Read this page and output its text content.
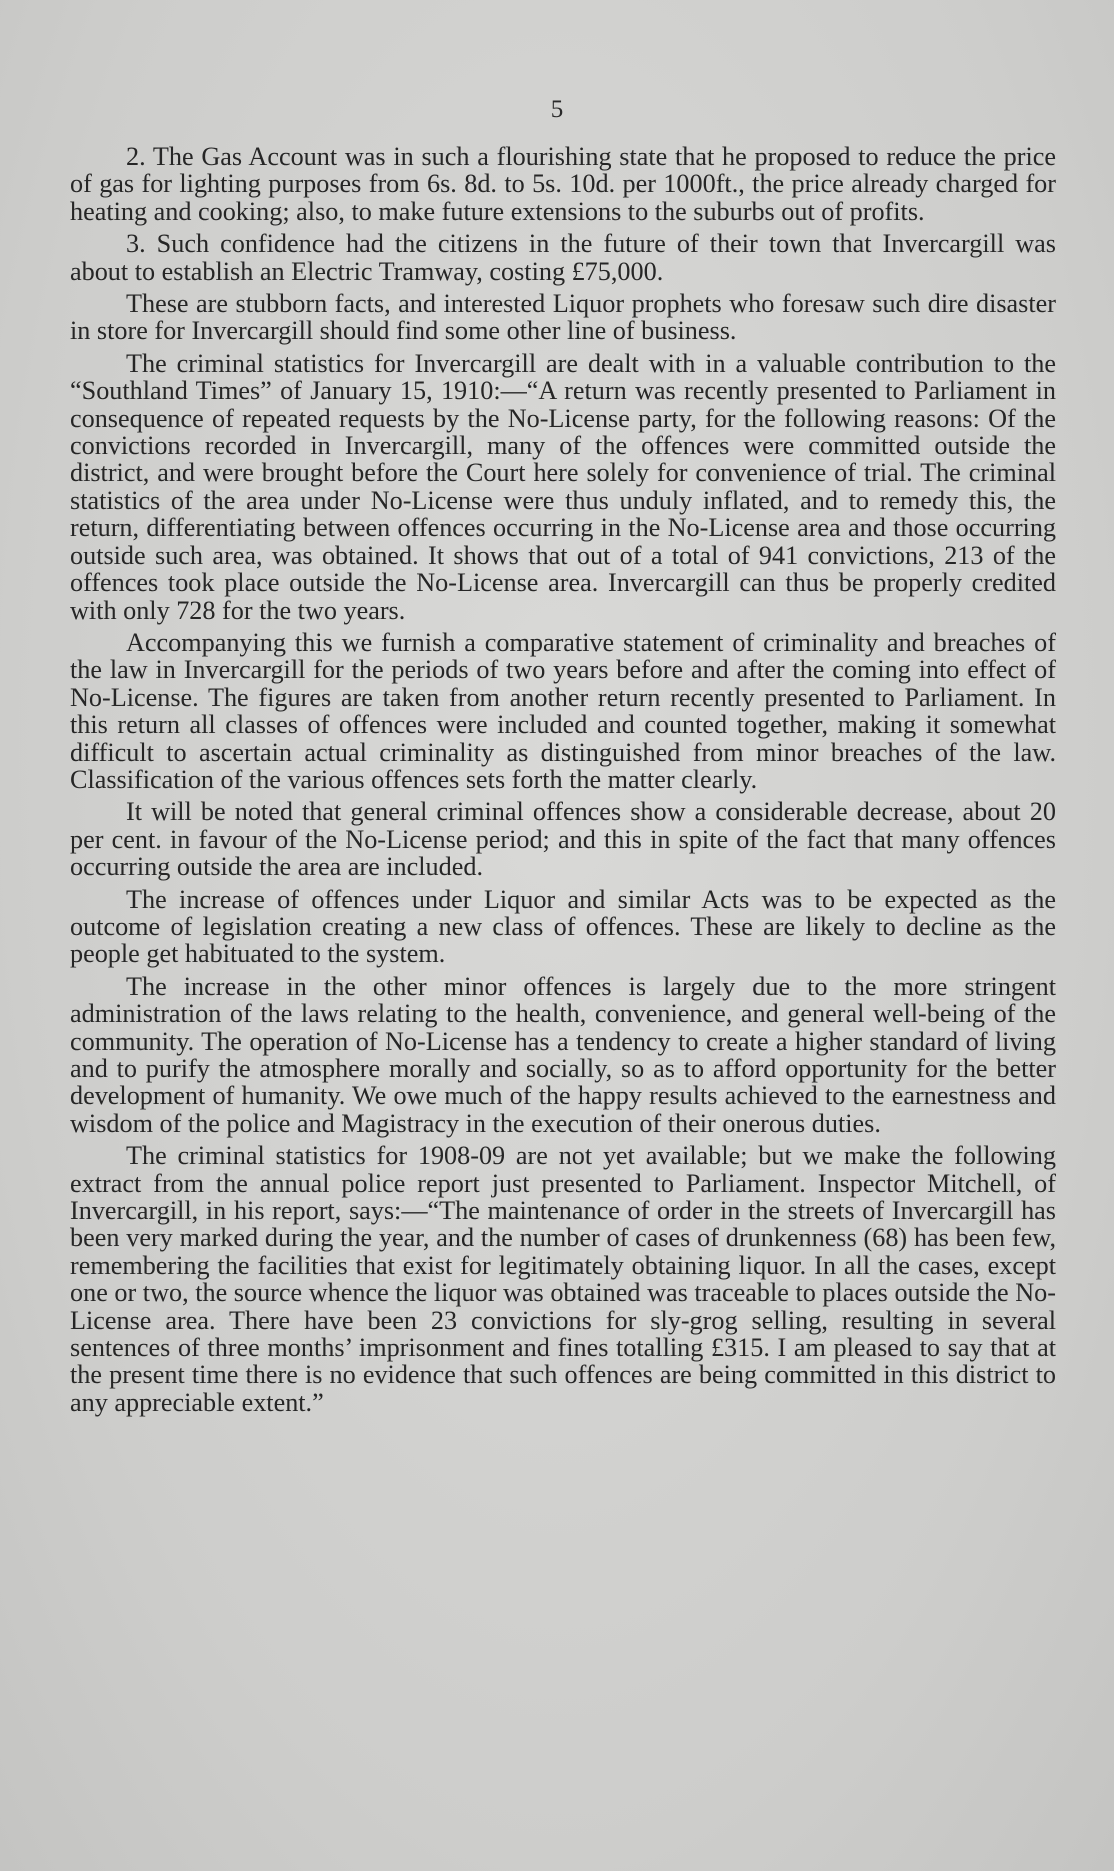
5

2. The Gas Account was in such a flourishing state that he proposed to reduce the price of gas for lighting purposes from 6s. 8d. to 5s. 10d. per 1000ft., the price already charged for heating and cooking; also, to make future extensions to the suburbs out of profits.

3. Such confidence had the citizens in the future of their town that Invercargill was about to establish an Electric Tramway, costing £75,000.

These are stubborn facts, and interested Liquor prophets who foresaw such dire disaster in store for Invercargill should find some other line of business.

The criminal statistics for Invercargill are dealt with in a valuable contribution to the “Southland Times” of January 15, 1910:—“A return was recently presented to Parliament in consequence of repeated requests by the No-License party, for the following reasons: Of the convictions recorded in Invercargill, many of the offences were committed outside the district, and were brought before the Court here solely for convenience of trial. The criminal statistics of the area under No-License were thus unduly inflated, and to remedy this, the return, differentiating between offences occurring in the No-License area and those occurring outside such area, was obtained. It shows that out of a total of 941 convictions, 213 of the offences took place outside the No-License area. Invercargill can thus be properly credited with only 728 for the two years.

Accompanying this we furnish a comparative statement of criminality and breaches of the law in Invercargill for the periods of two years before and after the coming into effect of No-License. The figures are taken from another return recently presented to Parliament. In this return all classes of offences were included and counted together, making it somewhat difficult to ascertain actual criminality as distinguished from minor breaches of the law. Classification of the various offences sets forth the matter clearly.

It will be noted that general criminal offences show a considerable decrease, about 20 per cent. in favour of the No-License period; and this in spite of the fact that many offences occurring outside the area are included.

The increase of offences under Liquor and similar Acts was to be expected as the outcome of legislation creating a new class of offences. These are likely to decline as the people get habituated to the system.

The increase in the other minor offences is largely due to the more stringent administration of the laws relating to the health, convenience, and general well-being of the community. The operation of No-License has a tendency to create a higher standard of living and to purify the atmosphere morally and socially, so as to afford opportunity for the better development of humanity. We owe much of the happy results achieved to the earnestness and wisdom of the police and Magistracy in the execution of their onerous duties.

The criminal statistics for 1908-09 are not yet available; but we make the following extract from the annual police report just presented to Parliament. Inspector Mitchell, of Invercargill, in his report, says:—“The maintenance of order in the streets of Invercargill has been very marked during the year, and the number of cases of drunkenness (68) has been few, remembering the facilities that exist for legitimately obtaining liquor. In all the cases, except one or two, the source whence the liquor was obtained was traceable to places outside the No-License area. There have been 23 convictions for sly-grog selling, resulting in several sentences of three months’ imprisonment and fines totalling £315. I am pleased to say that at the present time there is no evidence that such offences are being committed in this district to any appreciable extent.”
